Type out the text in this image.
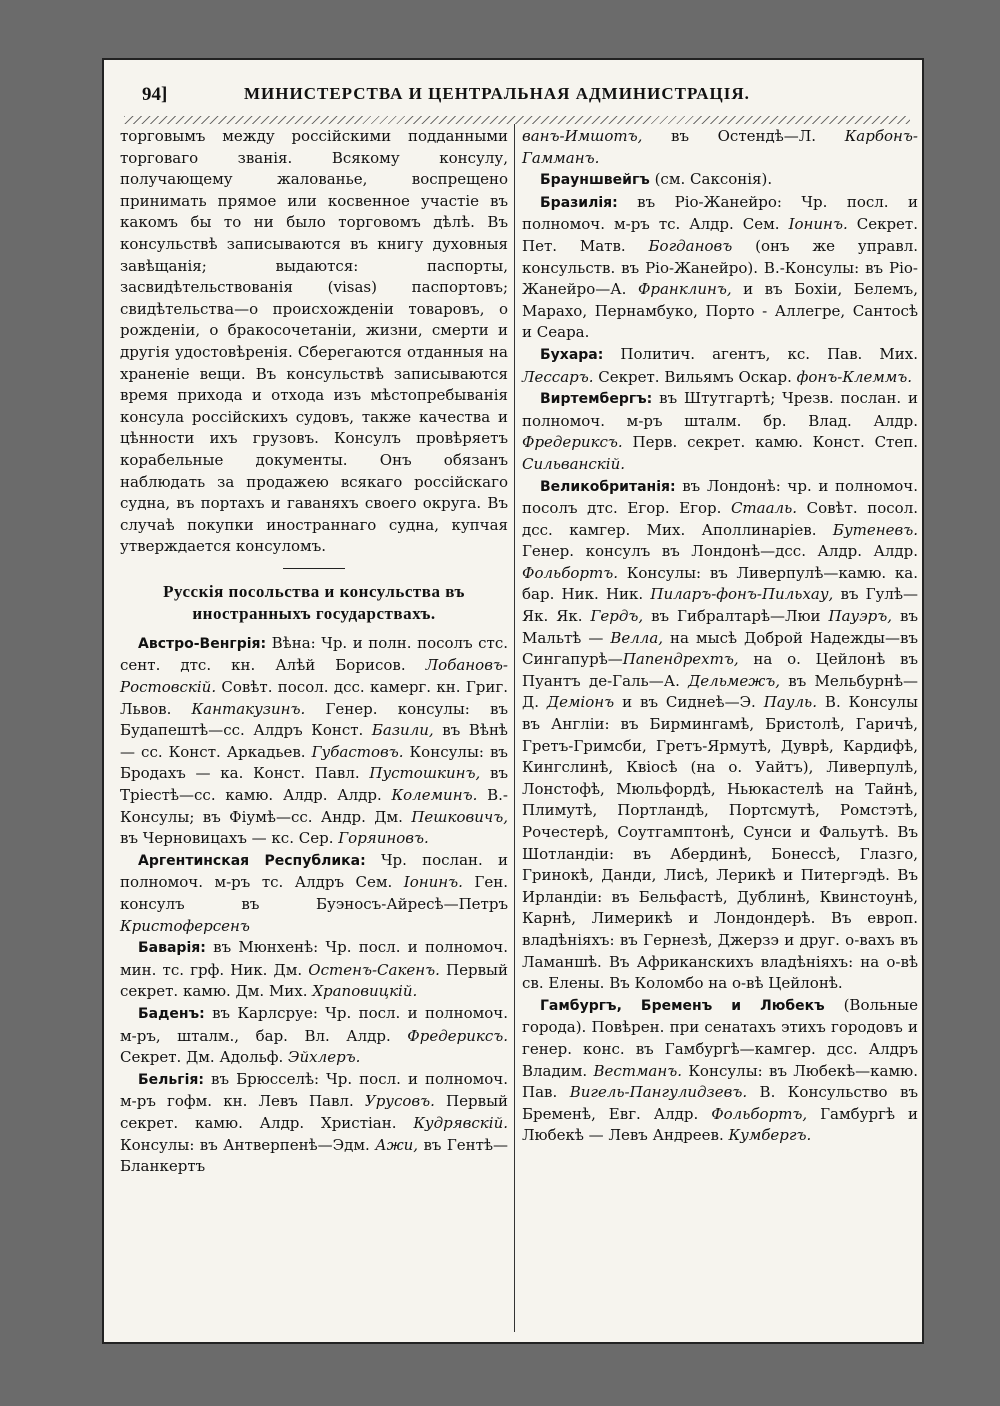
94]	МИНИСТЕРСТВА И ЦЕНТРАЛЬНАЯ АДМИНИСТРАЦІЯ.

торговымъ между россійскими подданными торговаго званія. Всякому консулу, получающему жалованье, воспрещено принимать прямое или косвенное участіе въ какомъ бы то ни было торговомъ дѣлѣ. Въ консульствѣ записываются въ книгу духовныя завѣщанія; выдаются: паспорты, засвидѣтельствованія (visas) паспортовъ; свидѣтельства—о происхожденіи товаровъ, о рожденіи, о бракосочетаніи, жизни, смерти и другія удостовѣренія. Сберегаются отданныя на храненіе вещи. Въ консульствѣ записываются время прихода и отхода изъ мѣстопребыванія консула россійскихъ судовъ, также качества и цѣнности ихъ грузовъ. Консулъ провѣряетъ корабельные документы. Онъ обязанъ наблюдать за продажею всякаго россійскаго судна, въ портахъ и гаваняхъ своего округа. Въ случаѣ покупки иностраннаго судна, купчая утверждается консуломъ.

Русскія посольства и консульства въ иностранныхъ государствахъ.

Австро-Венгрія: Вѣна: Чр. и полн. посолъ стс. сент. дтс. кн. Алѣй Борисов. Лобановъ-Ростовскій. Совѣт. посол. дсс. камерг. кн. Григ. Львов. Кантакузинъ. Генер. консулы: въ Будапештѣ—сс. Алдръ Конст. Базили, въ Вѣнѣ — сс. Конст. Аркадьев. Губастовъ. Консулы: въ Бродахъ — ка. Конст. Павл. Пустошкинъ, въ Тріестѣ—сс. камю. Алдр. Алдр. Колеминъ. В.-Консулы; въ Фіумѣ—сс. Андр. Дм. Пешковичъ, въ Черновицахъ — кс. Сер. Горяиновъ.

Аргентинская Республика: Чр. послан. и полномоч. м-ръ тс. Алдръ Сем. Іонинъ. Ген. консулъ въ Буэносъ-Айресѣ—Петръ Кристоферсенъ

Баварія: въ Мюнхенѣ: Чр. посл. и полномоч. мин. тс. грф. Ник. Дм. Остенъ-Сакенъ. Первый секрет. камю. Дм. Мих. Храповицкій.

Баденъ: въ Карлсруе: Чр. посл. и полномоч. м-ръ, шталм., бар. Вл. Алдр. Фредериксъ. Секрет. Дм. Адольф. Эйхлеръ.

Бельгія: въ Брюсселѣ: Чр. посл. и полномоч. м-ръ гофм. кн. Левъ Павл. Урусовъ. Первый секрет. камю. Алдр. Христіан. Кудрявскій. Консулы: въ Антверпенѣ—Эдм. Ажи, въ Гентѣ—Бланкертъ

ванъ-Имшотъ, въ Остендѣ—Л. Карбонъ-Гамманъ.

Брауншвейгъ (см. Саксонія).

Бразилія: въ Ріо-Жанейро: Чр. посл. и полномоч. м-ръ тс. Алдр. Сем. Іонинъ. Секрет. Пет. Матв. Богдановъ (онъ же управл. консульств. въ Ріо-Жанейро). В.-Консулы: въ Ріо-Жанейро—А. Франклинъ, и въ Бохіи, Белемъ, Марахо, Пернамбуко, Порто - Аллегре, Сантосѣ и Сеара.

Бухара: Политич. агентъ, кс. Пав. Мих. Лессаръ. Секрет. Вильямъ Оскар. фонъ-Клеммъ.

Виртембергъ: въ Штутгартѣ; Чрезв. послан. и полномоч. м-ръ шталм. бр. Влад. Алдр. Фредериксъ. Перв. секрет. камю. Конст. Степ. Сильванскій.

Великобританія: въ Лондонѣ: чр. и полномоч. посолъ дтс. Егор. Егор. Стааль. Совѣт. посол. дсс. камгер. Мих. Аполлинаріев. Бутеневъ. Генер. консулъ въ Лондонѣ—дсс. Алдр. Алдр. Фольбортъ. Консулы: въ Ливерпулѣ—камю. ка. бар. Ник. Ник. Пиларъ-фонъ-Пильхау, въ Гулѣ—Як. Як. Гердъ, въ Гибралтарѣ—Люи Пауэръ, въ Мальтѣ — Велла, на мысѣ Доброй Надежды—въ Сингапурѣ—Папендрехтъ, на о. Цейлонѣ въ Пуантъ де-Галь—А. Дельмежъ, въ Мельбурнѣ—Д. Деміонъ и въ Сиднеѣ—Э. Пауль. В. Консулы въ Англіи: въ Бирмингамѣ, Бристолѣ, Гаричѣ, Гретъ-Гримсби, Гретъ-Ярмутѣ, Дуврѣ, Кардифѣ, Кингслинѣ, Квіосѣ (на о. Уайтъ), Ливерпулѣ, Лонстофѣ, Мюльфордѣ, Ньюкастелѣ на Тайнѣ, Плимутѣ, Портландѣ, Портсмутѣ, Ромстэтѣ, Рочестерѣ, Соутгамптонѣ, Сунси и Фальутѣ. Въ Шотландіи: въ Абердинѣ, Бонессѣ, Глазго, Гринокѣ, Данди, Лисѣ, Лерикѣ и Питергэдѣ. Въ Ирландіи: въ Бельфастѣ, Дублинѣ, Квинстоунѣ, Карнѣ, Лимерикѣ и Лондондерѣ. Въ европ. владѣніяхъ: въ Гернезѣ, Джерзэ и друг. о-вахъ въ Ламаншѣ. Въ Африканскихъ владѣніяхъ: на о-вѣ св. Елены. Въ Коломбо на о-вѣ Цейлонѣ.

Гамбургъ, Бременъ и Любекъ (Вольные города). Повѣрен. при сенатахъ этихъ городовъ и генер. конс. въ Гамбургѣ—камгер. дсс. Алдръ Владим. Вестманъ. Консулы: въ Любекѣ—камю. Пав. Вигель-Пангулидзевъ. В. Консульство въ Бременѣ, Евг. Алдр. Фольбортъ, Гамбургѣ и Любекѣ — Левъ Андреев. Кумбергъ.
